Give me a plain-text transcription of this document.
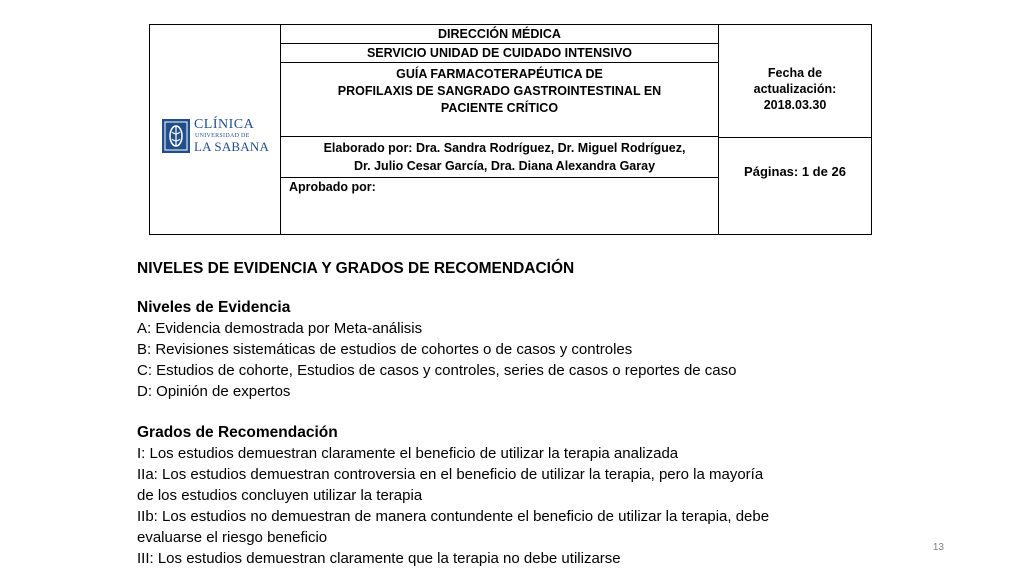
CLÍNICA
UNIVERSIDAD DE
LA SABANA
DIRECCIÓN MÉDICA
SERVICIO UNIDAD DE CUIDADO INTENSIVO
GUÍA FARMACOTERAPÉUTICA DE
PROFILAXIS DE SANGRADO GASTROINTESTINAL EN
PACIENTE CRÍTICO
Elaborado por: Dra. Sandra Rodríguez, Dr. Miguel Rodríguez,
Dr. Julio Cesar García, Dra. Diana Alexandra Garay
Aprobado por:
Fecha de
actualización:
2018.03.30
Páginas: 1 de 26

NIVELES DE EVIDENCIA Y GRADOS DE RECOMENDACIÓN

Niveles de Evidencia

A: Evidencia demostrada por Meta-análisis

B: Revisiones sistemáticas de estudios de cohortes o de casos y controles

C: Estudios de cohorte, Estudios de casos y controles, series de casos o reportes de caso

D: Opinión de expertos

Grados de Recomendación

I: Los estudios demuestran claramente el beneficio de utilizar la terapia analizada

IIa: Los estudios demuestran controversia en el beneficio de utilizar la terapia, pero la mayoría

de los estudios concluyen utilizar la terapia

IIb: Los estudios no demuestran de manera contundente el beneficio de utilizar la terapia, debe

evaluarse el riesgo beneficio

III: Los estudios demuestran claramente que la terapia no debe utilizarse

13
